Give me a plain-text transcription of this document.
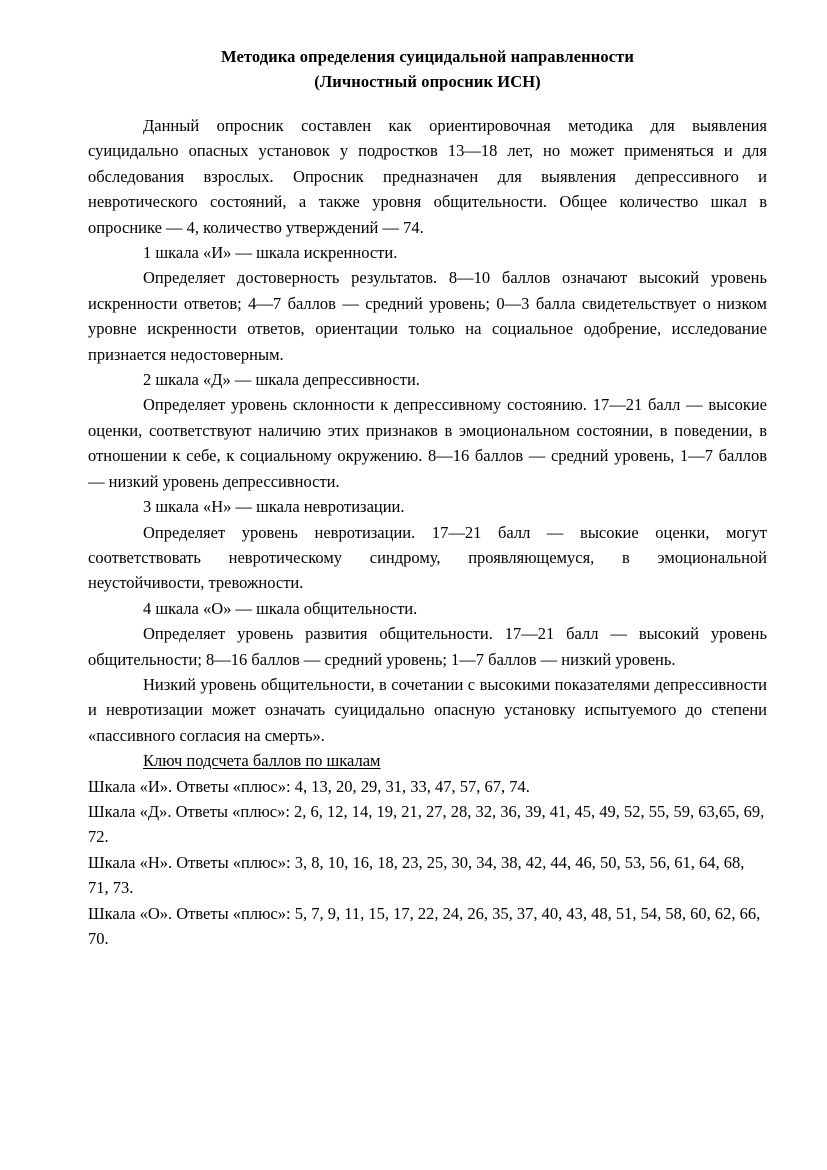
Методика определения суицидальной направленности
(Личностный опросник ИСН)

Данный опросник составлен как ориентировочная методика для выявления суицидально опасных установок у подростков 13—18 лет, но может применяться и для обследования взрослых. Опросник предназначен для выявления депрессивного и невротического состояний, а также уровня общительности. Общее количество шкал в опроснике — 4, количество утверждений — 74.

1 шкала «И» — шкала искренности.

Определяет достоверность результатов. 8—10 баллов означают высокий уровень искренности ответов; 4—7 баллов — средний уровень; 0—3 балла свидетельствует о низком уровне искренности ответов, ориентации только на социальное одобрение, исследование признается недостоверным.

2 шкала «Д» — шкала депрессивности.

Определяет уровень склонности к депрессивному состоянию. 17—21 балл — высокие оценки, соответствуют наличию этих признаков в эмоциональном состоянии, в поведении, в отношении к себе, к социальному окружению. 8—16 баллов — средний уровень, 1—7 баллов — низкий уровень депрессивности.

3 шкала «Н» — шкала невротизации.

Определяет уровень невротизации. 17—21 балл — высокие оценки, могут соответствовать невротическому синдрому, проявляющемуся, в эмоциональной неустойчивости, тревожности.

4 шкала «О» — шкала общительности.

Определяет уровень развития общительности. 17—21 балл — высокий уровень общительности; 8—16 баллов — средний уровень; 1—7 баллов — низкий уровень.

Низкий уровень общительности, в сочетании с высокими показателями депрессивности и невротизации может означать суицидально опасную установку испытуемого до степени «пассивного согласия на смерть».

Ключ подсчета баллов по шкалам

Шкала «И». Ответы «плюс»: 4, 13, 20, 29, 31, 33, 47, 57, 67, 74.

Шкала «Д». Ответы «плюс»: 2, 6, 12, 14, 19, 21, 27, 28, 32, 36, 39, 41, 45, 49, 52, 55, 59, 63,65, 69, 72.

Шкала «Н». Ответы «плюс»: 3, 8, 10, 16, 18, 23, 25, 30, 34, 38, 42, 44, 46, 50, 53, 56, 61, 64, 68, 71, 73.

Шкала «О». Ответы «плюс»: 5, 7, 9, 11, 15, 17, 22, 24, 26, 35, 37, 40, 43, 48, 51, 54, 58, 60, 62, 66, 70.
